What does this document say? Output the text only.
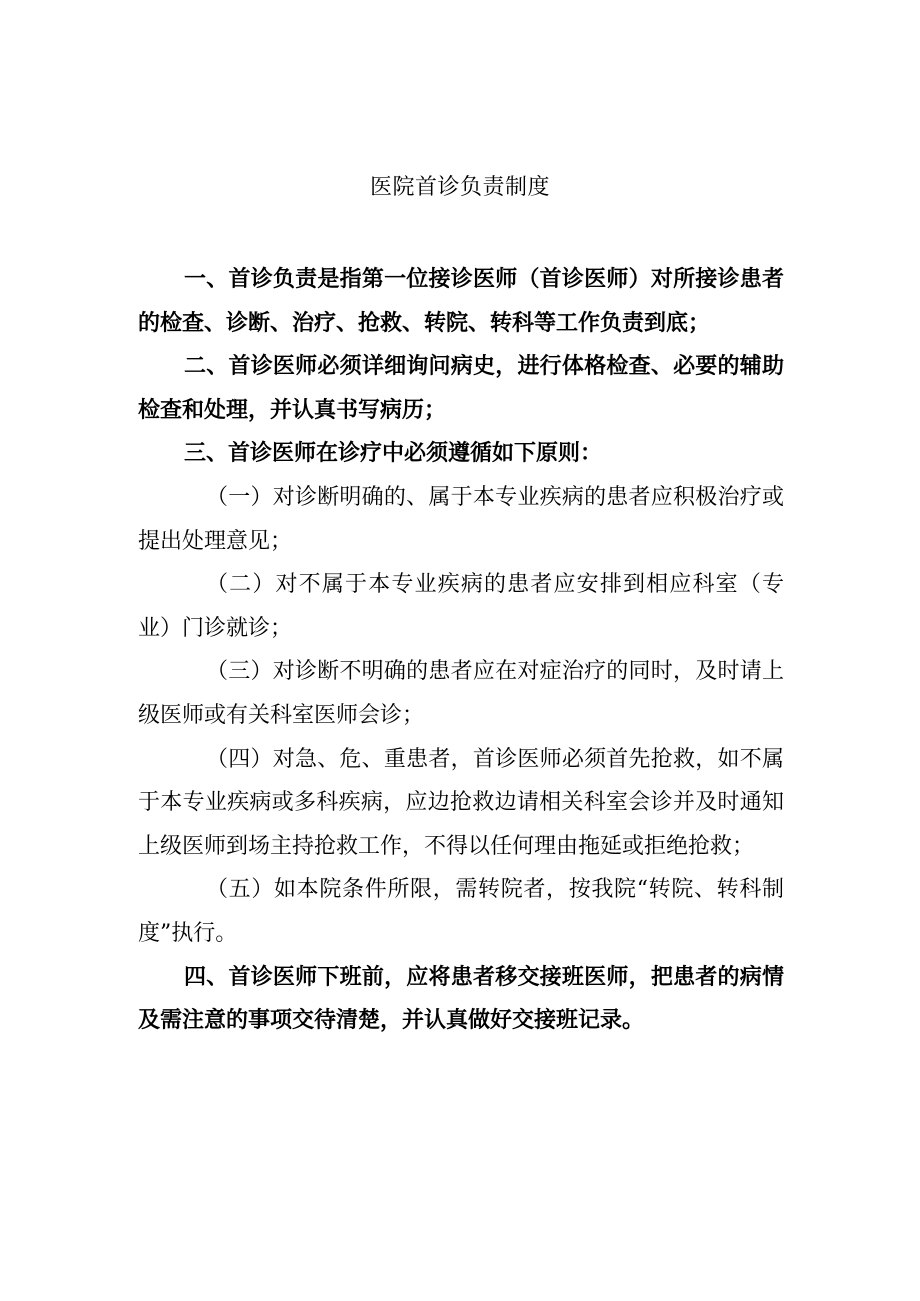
医院首诊负责制度

一、首诊负责是指第一位接诊医师（首诊医师）对所接诊患者的检查、诊断、治疗、抢救、转院、转科等工作负责到底；

二、首诊医师必须详细询问病史，进行体格检查、必要的辅助检查和处理，并认真书写病历；

三、首诊医师在诊疗中必须遵循如下原则：

（一）对诊断明确的、属于本专业疾病的患者应积极治疗或提出处理意见；

（二）对不属于本专业疾病的患者应安排到相应科室（专业）门诊就诊；

（三）对诊断不明确的患者应在对症治疗的同时，及时请上级医师或有关科室医师会诊；

（四）对急、危、重患者，首诊医师必须首先抢救，如不属于本专业疾病或多科疾病，应边抢救边请相关科室会诊并及时通知上级医师到场主持抢救工作，不得以任何理由拖延或拒绝抢救；

（五）如本院条件所限，需转院者，按我院“转院、转科制度”执行。

四、首诊医师下班前，应将患者移交接班医师，把患者的病情及需注意的事项交待清楚，并认真做好交接班记录。
